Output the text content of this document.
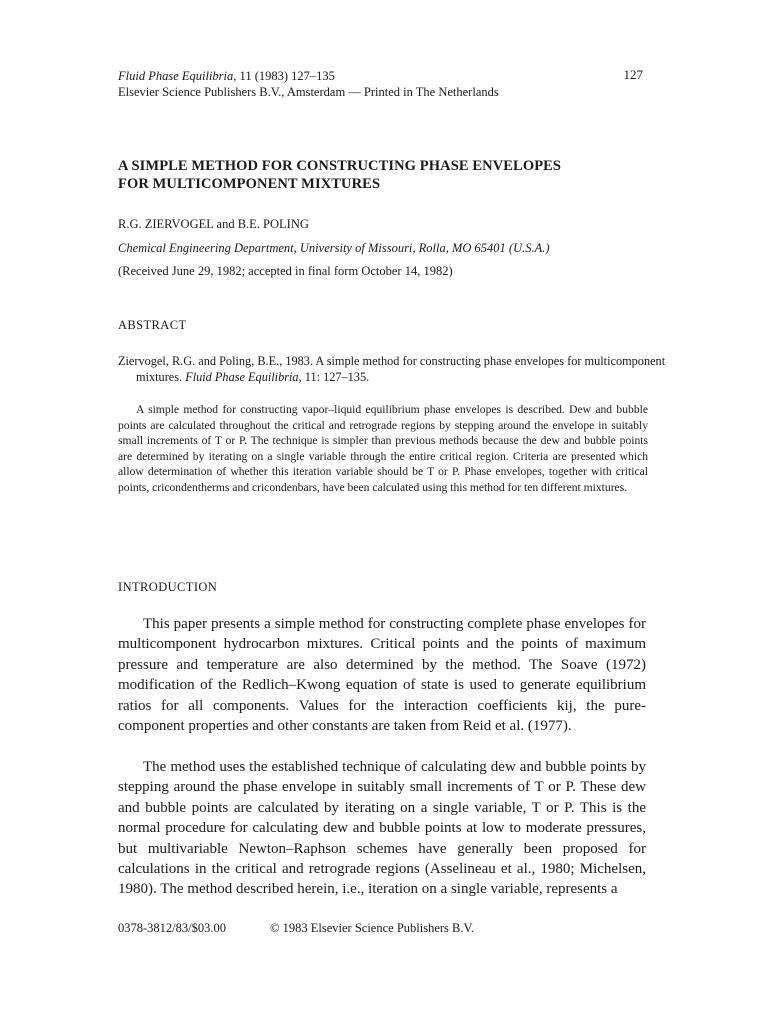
Fluid Phase Equilibria, 11 (1983) 127–135
Elsevier Science Publishers B.V., Amsterdam — Printed in The Netherlands
127
A SIMPLE METHOD FOR CONSTRUCTING PHASE ENVELOPES
FOR MULTICOMPONENT MIXTURES
R.G. ZIERVOGEL and B.E. POLING
Chemical Engineering Department, University of Missouri, Rolla, MO 65401 (U.S.A.)
(Received June 29, 1982; accepted in final form October 14, 1982)
ABSTRACT
Ziervogel, R.G. and Poling, B.E., 1983. A simple method for constructing phase envelopes for multicomponent mixtures. Fluid Phase Equilibria, 11: 127–135.

A simple method for constructing vapor–liquid equilibrium phase envelopes is described. Dew and bubble points are calculated throughout the critical and retrograde regions by stepping around the envelope in suitably small increments of T or P. The technique is simpler than previous methods because the dew and bubble points are determined by iterating on a single variable through the entire critical region. Criteria are presented which allow determination of whether this iteration variable should be T or P. Phase envelopes, together with critical points, cricondentherms and cricondenbars, have been calculated using this method for ten different mixtures.

INTRODUCTION

This paper presents a simple method for constructing complete phase envelopes for multicomponent hydrocarbon mixtures. Critical points and the points of maximum pressure and temperature are also determined by the method. The Soave (1972) modification of the Redlich–Kwong equation of state is used to generate equilibrium ratios for all components. Values for the interaction coefficients kij, the pure-component properties and other constants are taken from Reid et al. (1977).

The method uses the established technique of calculating dew and bubble points by stepping around the phase envelope in suitably small increments of T or P. These dew and bubble points are calculated by iterating on a single variable, T or P. This is the normal procedure for calculating dew and bubble points at low to moderate pressures, but multivariable Newton–Raphson schemes have generally been proposed for calculations in the critical and retrograde regions (Asselineau et al., 1980; Michelsen, 1980). The method described herein, i.e., iteration on a single variable, represents a

0378-3812/83/$03.00	© 1983 Elsevier Science Publishers B.V.
